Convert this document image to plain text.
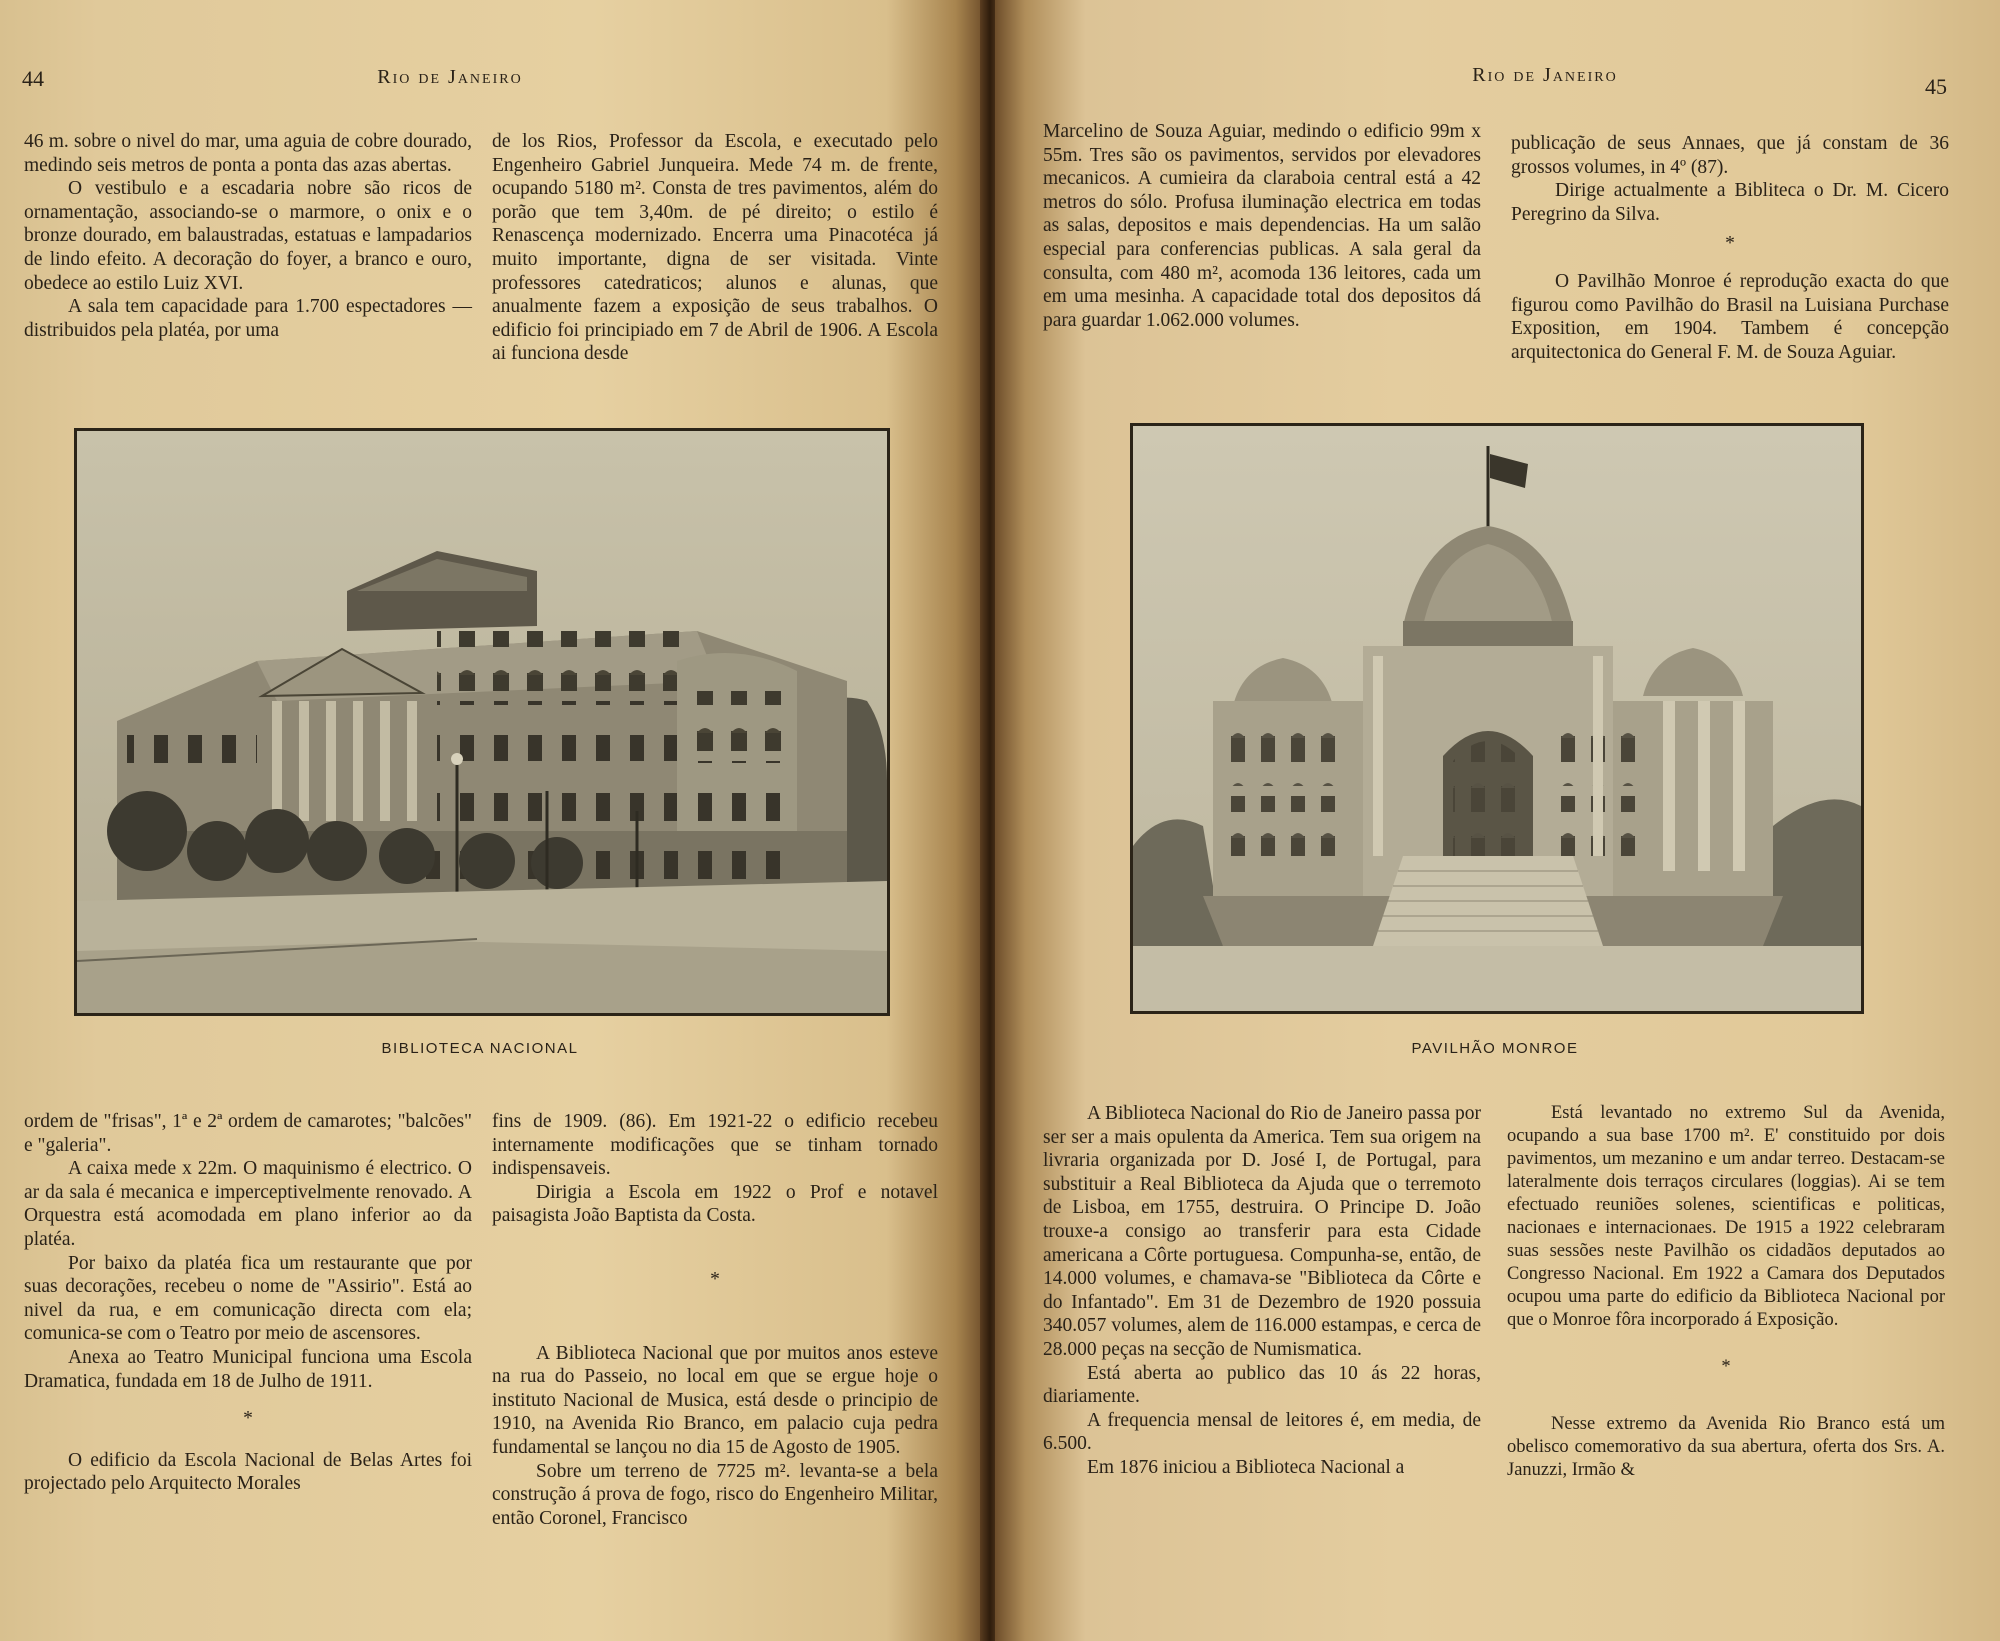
44	Rio de Janeiro

46 m. sobre o nivel do mar, uma aguia de cobre dourado, medindo seis metros de ponta a ponta das azas abertas.

O vestibulo e a escadaria nobre são ricos de ornamentação, associando-se o marmore, o onix e o bronze dourado, em balaustradas, estatuas e lampadarios de lindo efeito. A decoração do foyer, a branco e ouro, obedece ao estilo Luiz XVI.

A sala tem capacidade para 1.700 espectadores — distribuidos pela platéa, por uma

de los Rios, Professor da Escola, e executado pelo Engenheiro Gabriel Junqueira. Mede 74 m. de frente, ocupando 5180 m². Consta de tres pavimentos, além do porão que tem 3,40m. de pé direito; o estilo é Renascença modernizado. Encerra uma Pinacotéca já muito importante, digna de ser visitada. Vinte professores catedraticos; alunos e alunas, que anualmente fazem a exposição de seus trabalhos. O edificio foi principiado em 7 de Abril de 1906. A Escola ai funciona desde

BIBLIOTECA NACIONAL

ordem de "frisas", 1ª e 2ª ordem de camarotes; "balcões" e "galeria".

A caixa mede x 22m. O maquinismo é electrico. O ar da sala é mecanica e imperceptivelmente renovado. A Orquestra está acomodada em plano inferior ao da platéa.

Por baixo da platéa fica um restaurante que por suas decorações, recebeu o nome de "Assirio". Está ao nivel da rua, e em comunicação directa com ela; comunica-se com o Teatro por meio de ascensores.

Anexa ao Teatro Municipal funciona uma Escola Dramatica, fundada em 18 de Julho de 1911.

*

O edificio da Escola Nacional de Belas Artes foi projectado pelo Arquitecto Morales

fins de 1909. (86). Em 1921-22 o edificio recebeu internamente modificações que se tinham tornado indispensaveis.

Dirigia a Escola em 1922 o Prof e notavel paisagista João Baptista da Costa.

*

A Biblioteca Nacional que por muitos anos esteve na rua do Passeio, no local em que se ergue hoje o instituto Nacional de Musica, está desde o principio de 1910, na Avenida Rio Branco, em palacio cuja pedra fundamental se lançou no dia 15 de Agosto de 1905.

Sobre um terreno de 7725 m². levanta-se a bela construção á prova de fogo, risco do Engenheiro Militar, então Coronel, Francisco

Rio de Janeiro	45

Marcelino de Souza Aguiar, medindo o edificio 99m x 55m. Tres são os pavimentos, servidos por elevadores mecanicos. A cumieira da claraboia central está a 42 metros do sólo. Profusa iluminação electrica em todas as salas, depositos e mais dependencias. Ha um salão especial para conferencias publicas. A sala geral da consulta, com 480 m², acomoda 136 leitores, cada um em uma mesinha. A capacidade total dos depositos dá para guardar 1.062.000 volumes.

publicação de seus Annaes, que já constam de 36 grossos volumes, in 4º (87).

Dirige actualmente a Bibliteca o Dr. M. Cicero Peregrino da Silva.

*

O Pavilhão Monroe é reprodução exacta do que figurou como Pavilhão do Brasil na Luisiana Purchase Exposition, em 1904. Tambem é concepção arquitectonica do General F. M. de Souza Aguiar.

PAVILHÃO MONROE

A Biblioteca Nacional do Rio de Janeiro passa por ser ser a mais opulenta da America. Tem sua origem na livraria organizada por D. José I, de Portugal, para substituir a Real Biblioteca da Ajuda que o terremoto de Lisboa, em 1755, destruira. O Principe D. João trouxe-a consigo ao transferir para esta Cidade americana a Côrte portuguesa. Compunha-se, então, de 14.000 volumes, e chamava-se "Biblioteca da Côrte e do Infantado". Em 31 de Dezembro de 1920 possuia 340.057 volumes, alem de 116.000 estampas, e cerca de 28.000 peças na secção de Numismatica.

Está aberta ao publico das 10 ás 22 horas, diariamente.

A frequencia mensal de leitores é, em media, de 6.500.

Em 1876 iniciou a Biblioteca Nacional a

Está levantado no extremo Sul da Avenida, ocupando a sua base 1700 m². E' constituido por dois pavimentos, um mezanino e um andar terreo. Destacam-se lateralmente dois terraços circulares (loggias). Ai se tem efectuado reuniões solenes, scientificas e politicas, nacionaes e internacionaes. De 1915 a 1922 celebraram suas sessões neste Pavilhão os cidadãos deputados ao Congresso Nacional. Em 1922 a Camara dos Deputados ocupou uma parte do edificio da Biblioteca Nacional por que o Monroe fôra incorporado á Exposição.

*

Nesse extremo da Avenida Rio Branco está um obelisco comemorativo da sua abertura, oferta dos Srs. A. Januzzi, Irmão &
